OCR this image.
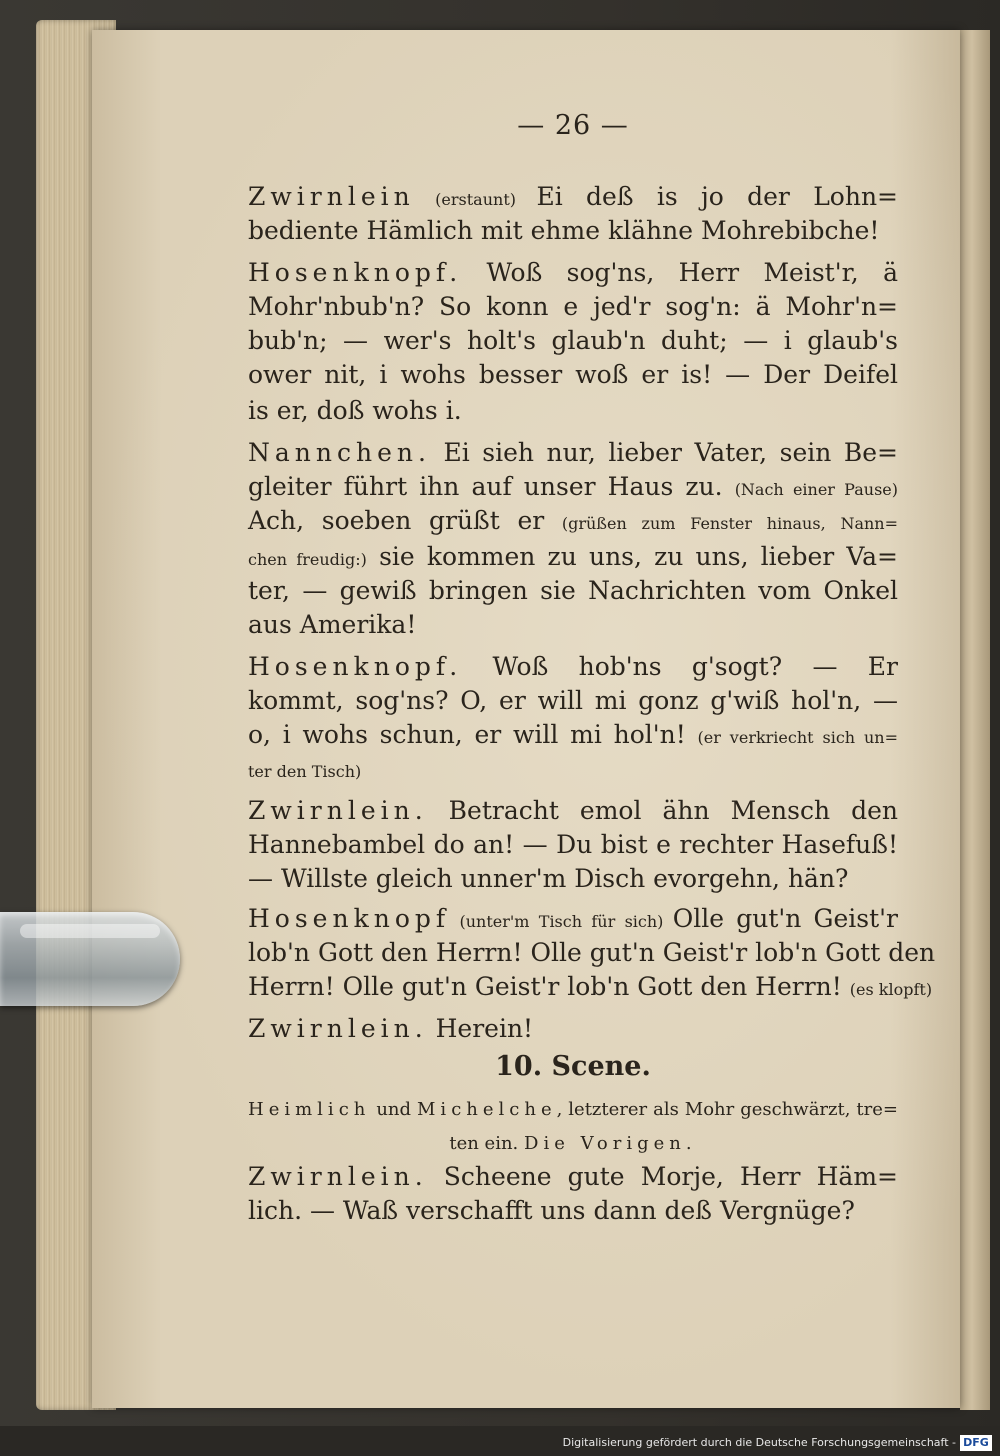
— 26 —
Zwirnlein (erstaunt) Ei deß is jo der Lohn=
bediente Hämlich mit ehme klähne Mohrebibche!
Hosenknopf. Woß sog'ns, Herr Meist'r, ä
Mohr'nbub'n? So konn e jed'r sog'n: ä Mohr'n=
bub'n; — wer's holt's glaub'n duht; — i glaub's
ower nit, i wohs besser woß er is! — Der Deifel
is er, doß wohs i.
Nannchen. Ei sieh nur, lieber Vater, sein Be=
gleiter führt ihn auf unser Haus zu. (Nach einer Pause)
Ach, soeben grüßt er (grüßen zum Fenster hinaus, Nann=
chen freudig:) sie kommen zu uns, zu uns, lieber Va=
ter, — gewiß bringen sie Nachrichten vom Onkel
aus Amerika!
Hosenknopf. Woß hob'ns g'sogt? — Er
kommt, sog'ns? O, er will mi gonz g'wiß hol'n, —
o, i wohs schun, er will mi hol'n! (er verkriecht sich un=
ter den Tisch)
Zwirnlein. Betracht emol ähn Mensch den
Hannebambel do an! — Du bist e rechter Hasefuß!
— Willste gleich unner'm Disch evorgehn, hän?
Hosenknopf (unter'm Tisch für sich) Olle gut'n Geist'r
lob'n Gott den Herrn! Olle gut'n Geist'r lob'n Gott den
Herrn! Olle gut'n Geist'r lob'n Gott den Herrn! (es klopft)
Zwirnlein. Herein!
10. Scene.
Heimlich und Michelche, letzterer als Mohr geschwärzt, tre=
ten ein. Die Vorigen.
Zwirnlein. Scheene gute Morje, Herr Häm=
lich. — Waß verschafft uns dann deß Vergnüge?
Digitalisierung gefördert durch die Deutsche Forschungsgemeinschaft - DFG
